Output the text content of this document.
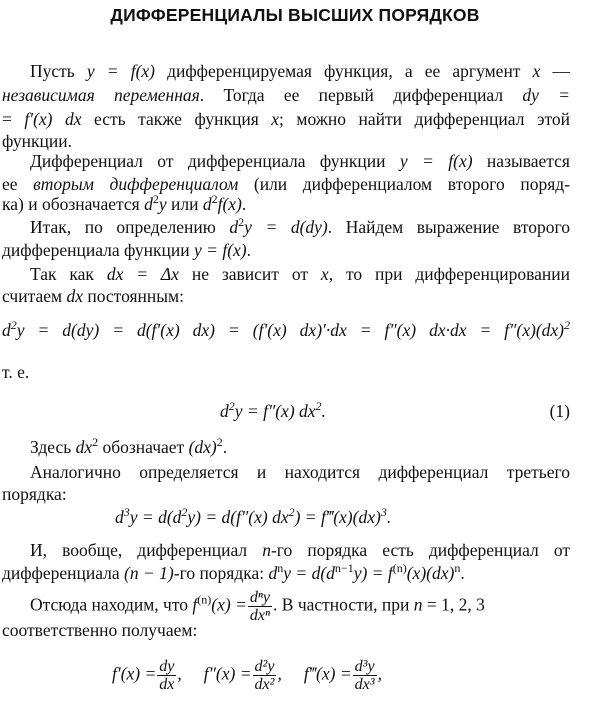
ДИФФЕРЕНЦИАЛЫ ВЫСШИХ ПОРЯДКОВ
Пусть y = f(x) дифференцируемая функция, а ее аргумент x —
независимая переменная. Тогда ее первый дифференциал dy =
= f′(x) dx есть также функция x; можно найти дифференциал этой
функции.
Дифференциал от дифференциала функции y = f(x) называется
ее вторым дифференциалом (или дифференциалом второго поряд-
ка) и обозначается $d^2y$ или $d^2f(x)$.
Итак, по определению $d^2y = d(dy)$. Найдем выражение второго
дифференциала функции y = f(x).
Так как dx = Δx не зависит от x, то при дифференцировании
считаем dx постоянным:
$d^2y = d(dy) = d(f'(x) dx) = (f'(x) dx)'\cdot dx = f''(x) dx\cdot dx = f''(x)(dx)^2$
т. е.
$d^2y = f''(x)$ $dx^2$.	(1)
Здесь $dx^2$ обозначает (dx)$^2$.
Аналогично определяется и находится дифференциал третьего
порядка:
$d^3y = d(d^2y) = d(f''(x) dx^2)$ = f‴(x)(dx)$^3$.
И, вообще, дифференциал n-го порядка есть дифференциал от
дифференциала (n − 1)-го порядка: $d^ny = d(d^{n-1}y) = f^{(n)}(x)(dx)^n$.
Отсюда находим, что $f^{(n)}(x) = \frac{\text{dⁿy}}{\text{dxⁿ}}$ . В частности, при n = 1, 2, 3
соответственно получаем:
$f'(x) = \frac{dy}{dx}$ , $f''(x) = \frac{\text{d²y}}{\text{dx²}}$ , f‴(x) = $\frac{\text{d³y}}{\text{dx³}}$ ,
